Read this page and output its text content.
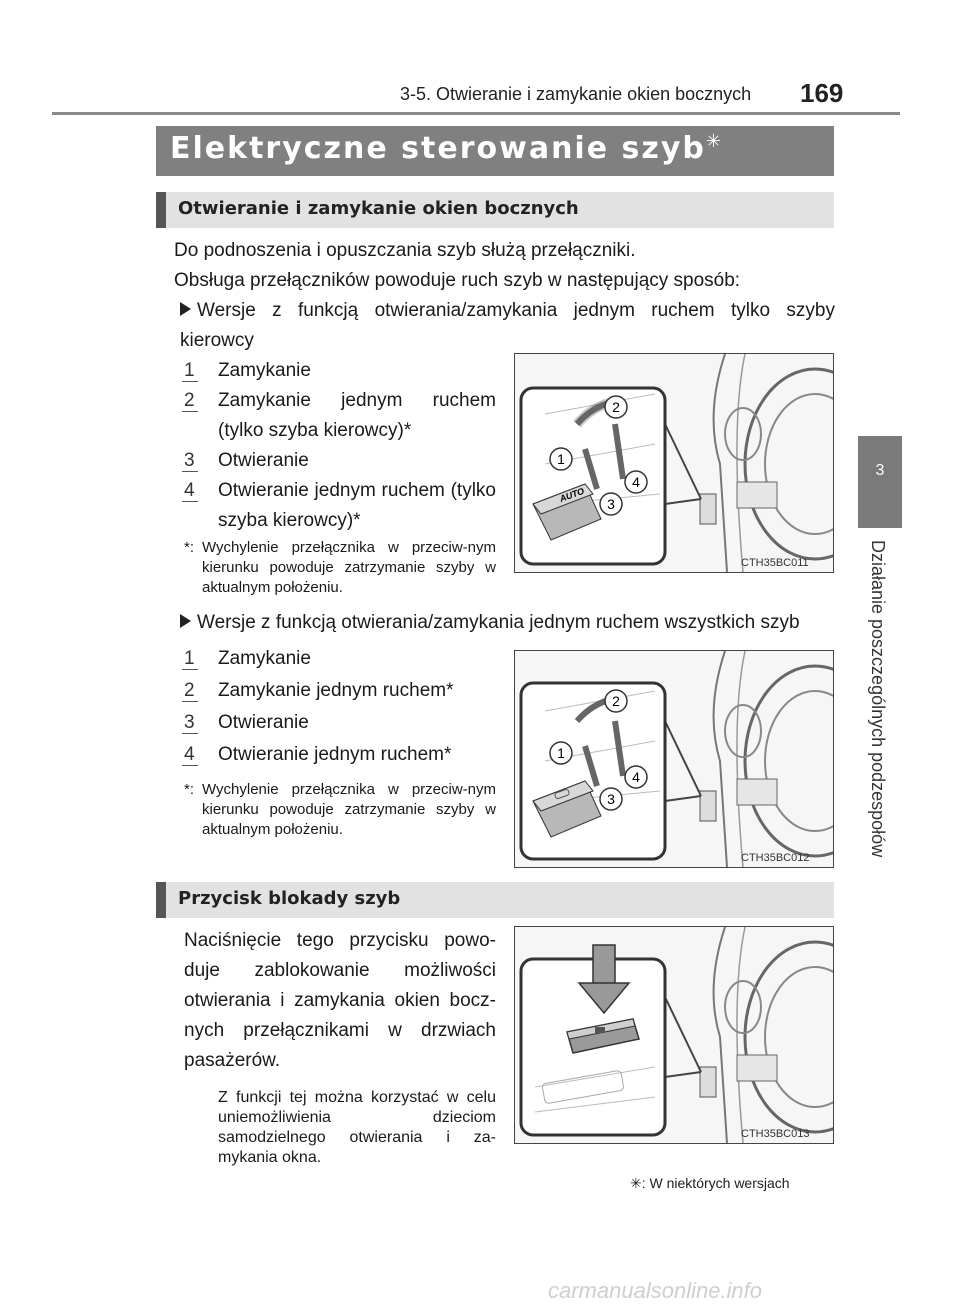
3-5. Otwieranie i zamykanie okien bocznych 169
3
Działanie poszczególnych podzespołów
Elektryczne sterowanie szyb✳
Otwieranie i zamykanie okien bocznych
Do podnoszenia i opuszczania szyb służą przełączniki.
Obsługa przełączników powoduje ruch szyb w następujący sposób:
Wersje z funkcją otwierania/zamykania jednym ruchem tylko szyby kierowcy
1	Zamykanie
2	Zamykanie jednym ruchem (tylko szyba kierowcy)*
3	Otwieranie
4	Otwieranie jednym ruchem (tylko szyba kierowcy)*
*: Wychylenie przełącznika w przeciw-nym kierunku powoduje zatrzymanie szyby w aktualnym położeniu.
2
1
4
3
AUTO
CTH35BC011
Wersje z funkcją otwierania/zamykania jednym ruchem wszystkich szyb
1	Zamykanie
2	Zamykanie jednym ruchem*
3	Otwieranie
4	Otwieranie jednym ruchem*
*: Wychylenie przełącznika w przeciw-nym kierunku powoduje zatrzymanie szyby w aktualnym położeniu.
2
1
4
3
CTH35BC012
Przycisk blokady szyb
Naciśnięcie tego przycisku powo-duje zablokowanie możliwości otwierania i zamykania okien bocz-nych przełącznikami w drzwiach pasażerów.
Z funkcji tej można korzystać w celu uniemożliwienia dzieciom samodzielnego otwierania i za-mykania okna.
CTH35BC013
✳: W niektórych wersjach
carmanualsonline.info
